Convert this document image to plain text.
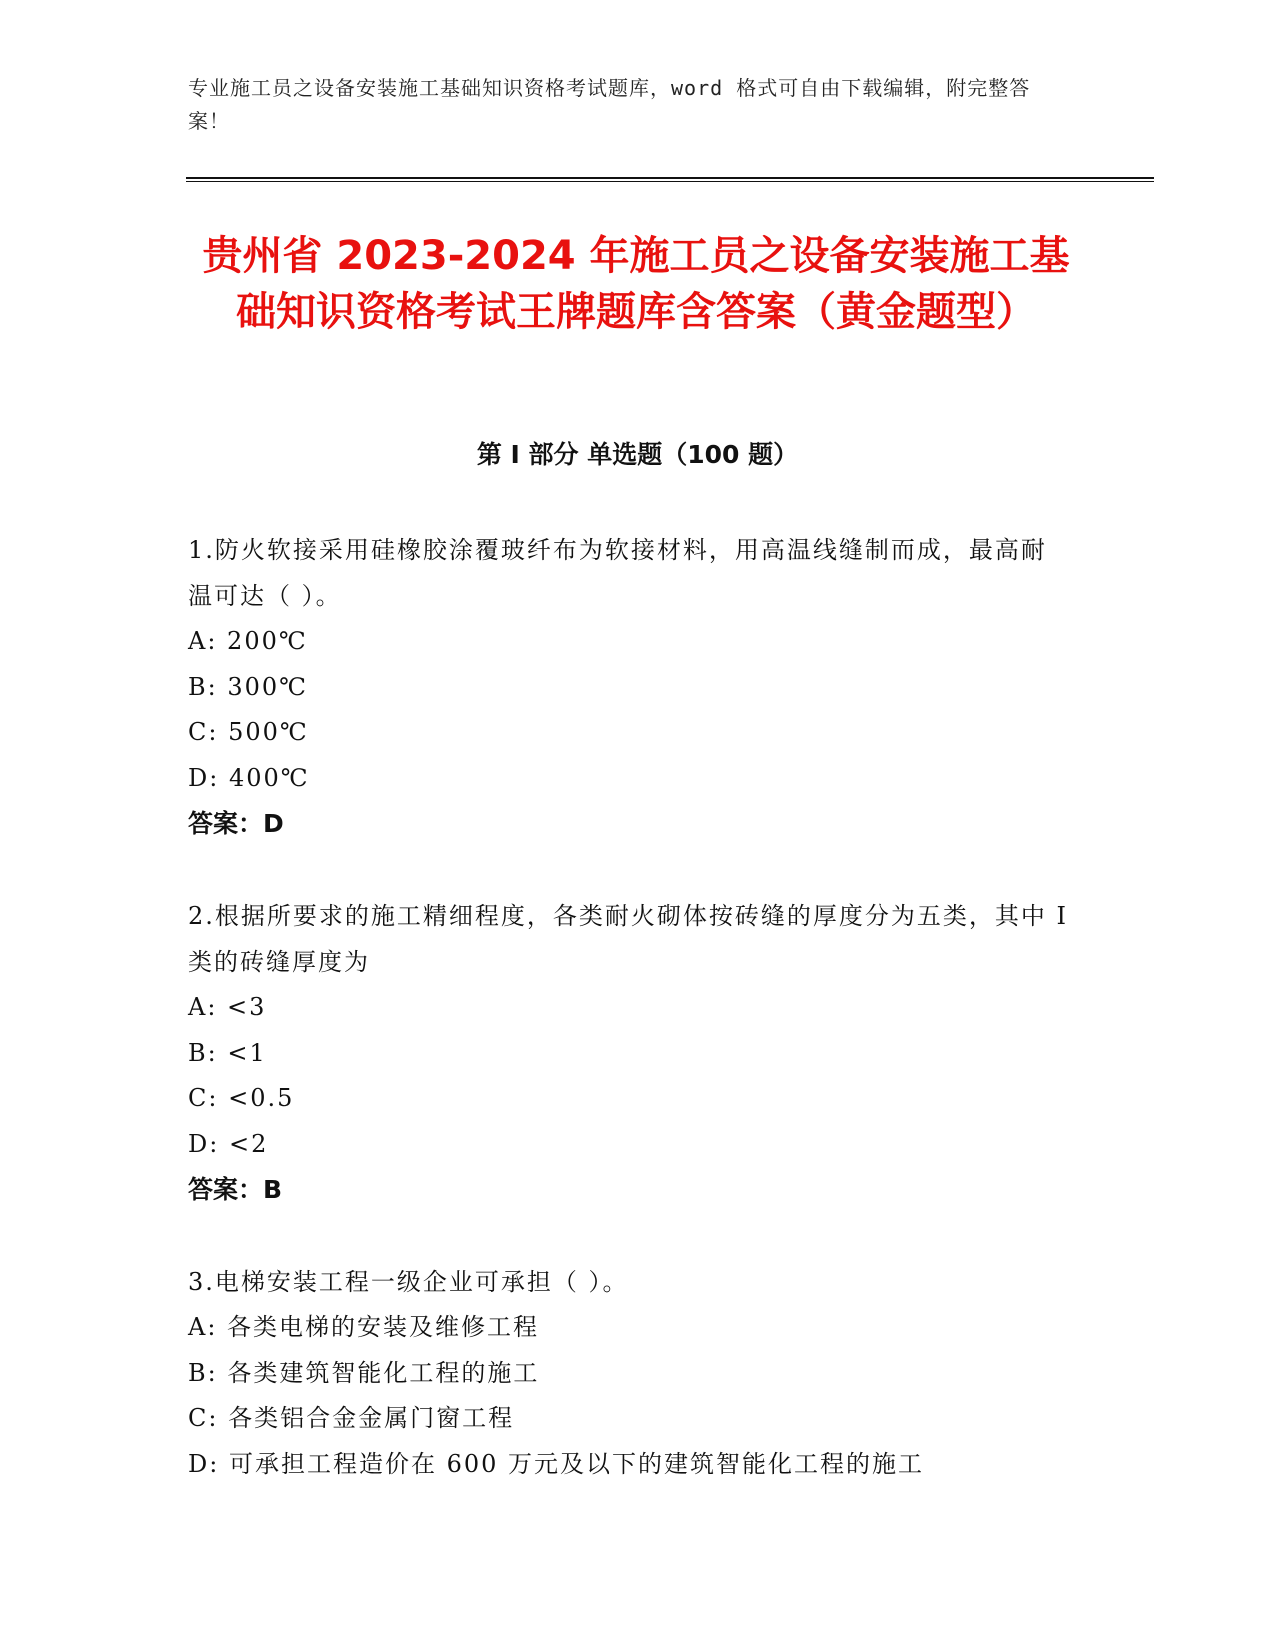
专业施工员之设备安装施工基础知识资格考试题库，word 格式可自由下载编辑，附完整答案！
贵州省 2023-2024 年施工员之设备安装施工基础知识资格考试王牌题库含答案（黄金题型）
第 I 部分 单选题（100 题）
1.防火软接采用硅橡胶涂覆玻纤布为软接材料，用高温线缝制而成，最高耐温可达（ ）。
A: 200℃
B: 300℃
C: 500℃
D: 400℃
答案：D
2.根据所要求的施工精细程度，各类耐火砌体按砖缝的厚度分为五类，其中 I 类的砖缝厚度为
A: <3
B: <1
C: <0.5
D: <2
答案：B
3.电梯安装工程一级企业可承担（ ）。
A: 各类电梯的安装及维修工程
B: 各类建筑智能化工程的施工
C: 各类铝合金金属门窗工程
D: 可承担工程造价在 600 万元及以下的建筑智能化工程的施工
